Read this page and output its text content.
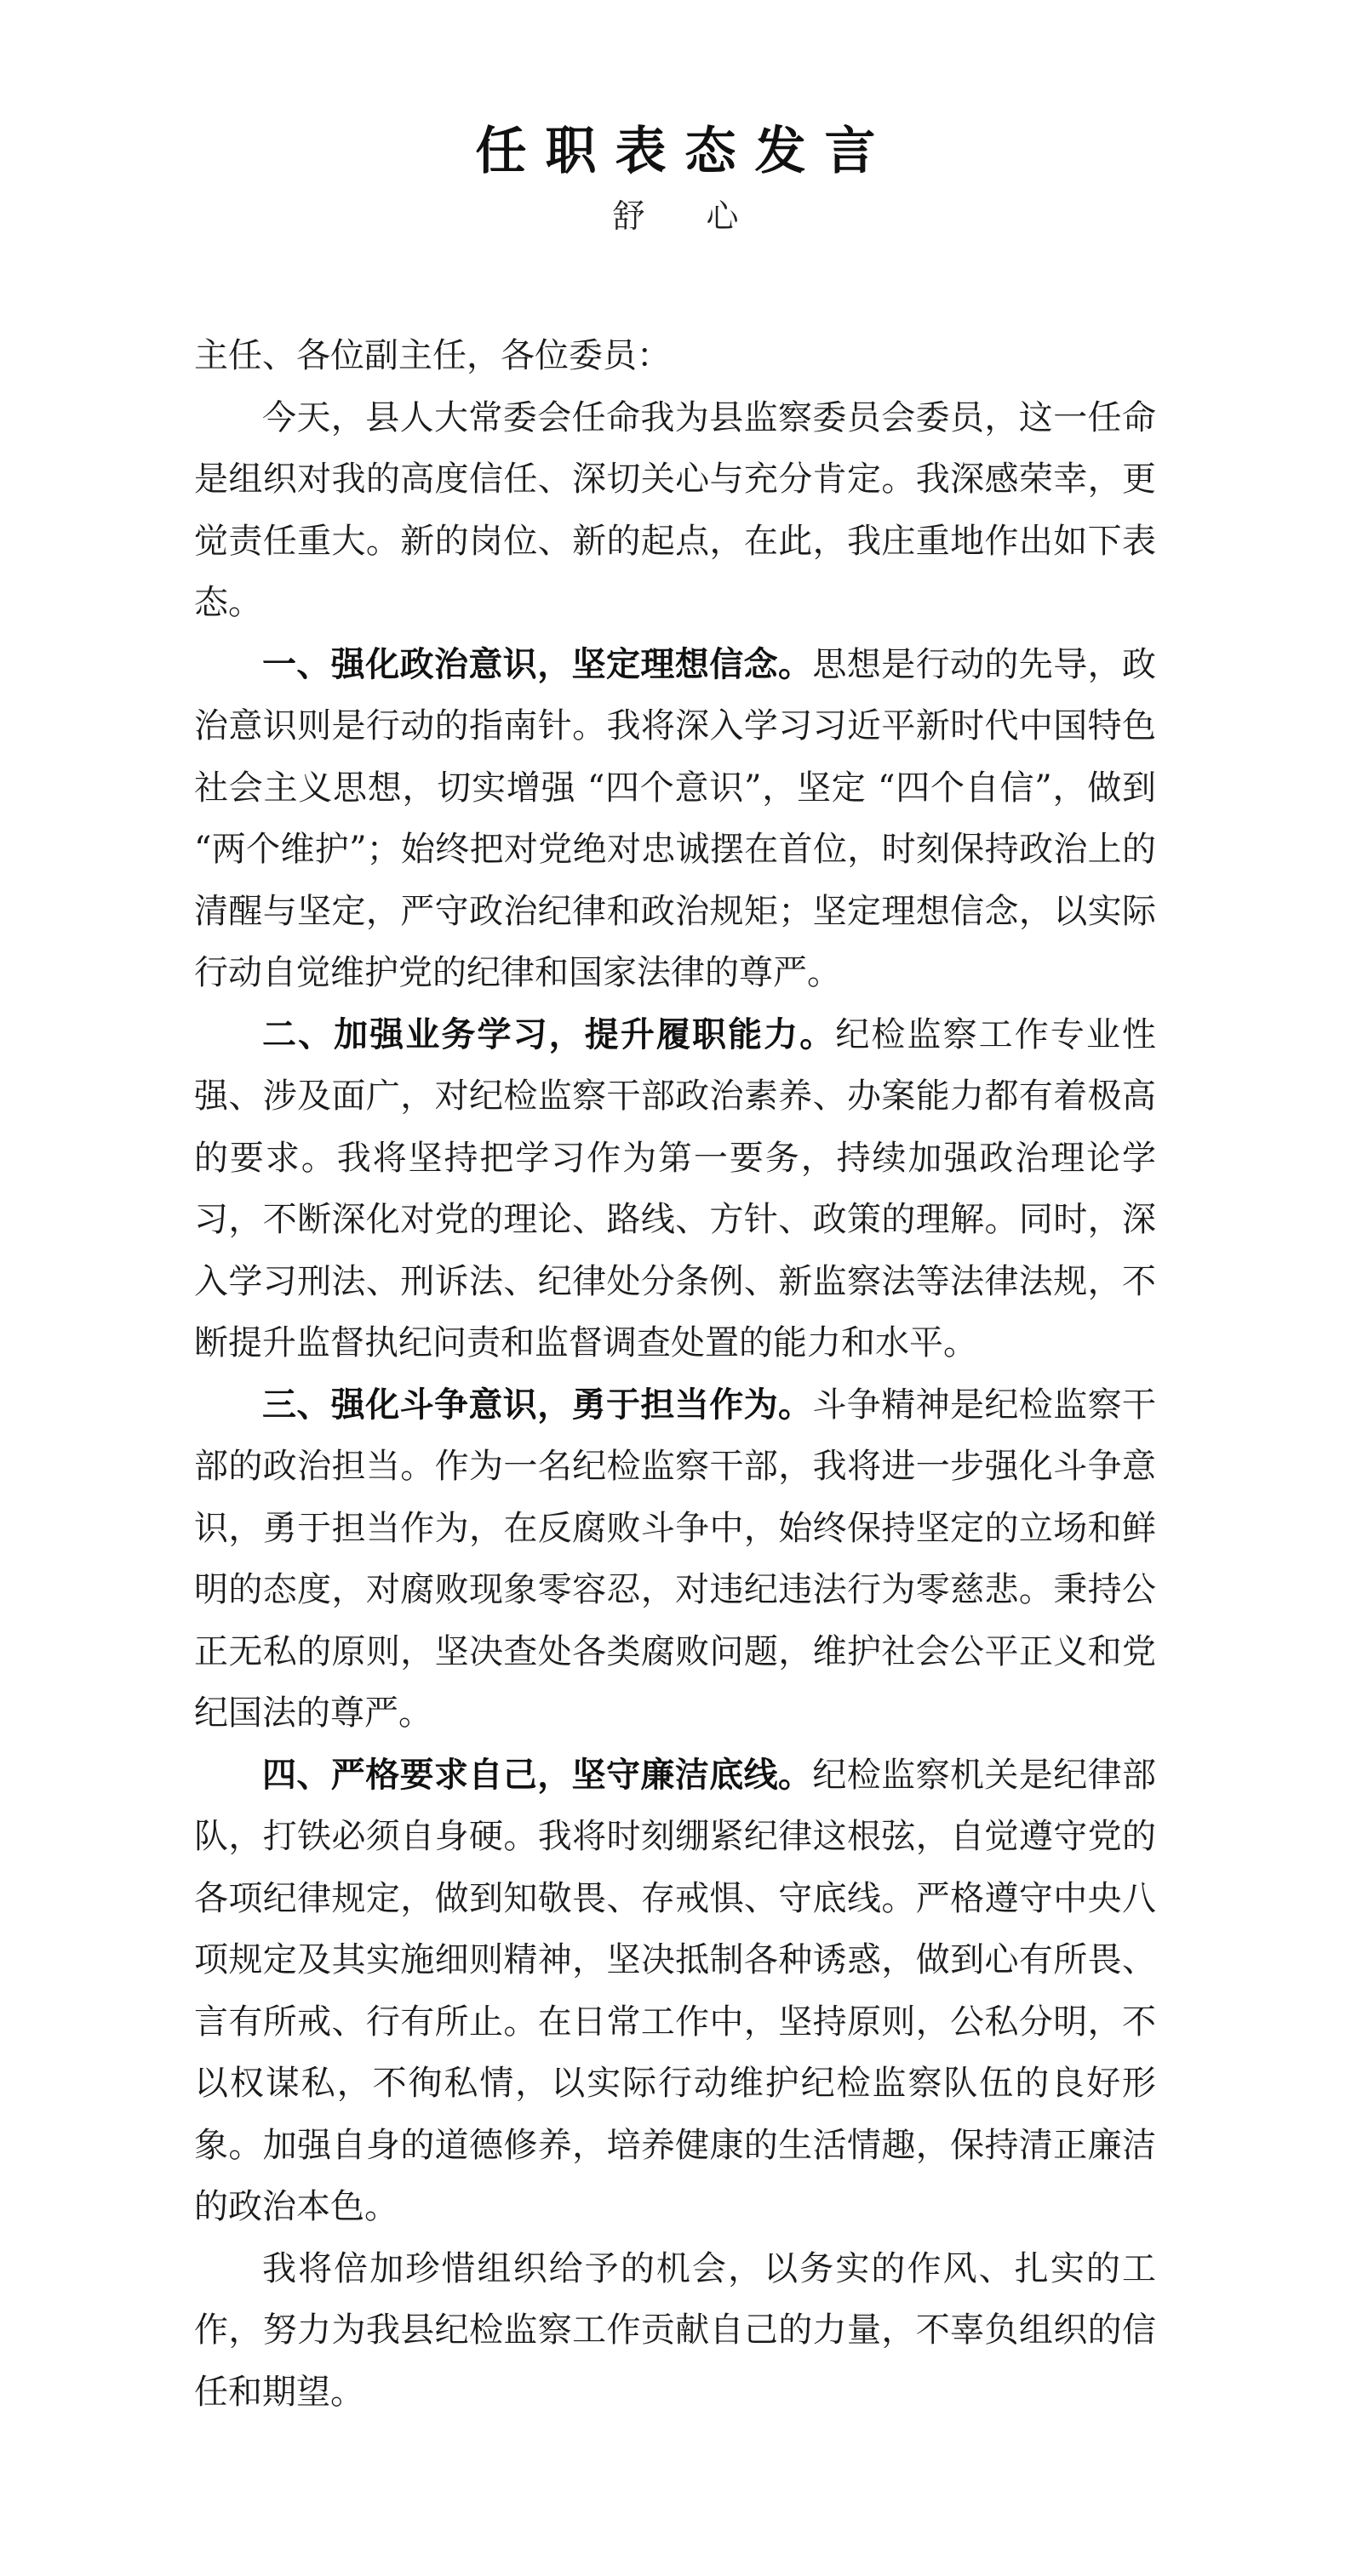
任职表态发言
舒 心

主任、各位副主任，各位委员：

今天，县人大常委会任命我为县监察委员会委员，这一任命是组织对我的高度信任、深切关心与充分肯定。我深感荣幸，更觉责任重大。新的岗位、新的起点，在此，我庄重地作出如下表态。

一、强化政治意识，坚定理想信念。思想是行动的先导，政治意识则是行动的指南针。我将深入学习习近平新时代中国特色社会主义思想，切实增强 “四个意识”，坚定 “四个自信”，做到 “两个维护”；始终把对党绝对忠诚摆在首位，时刻保持政治上的清醒与坚定，严守政治纪律和政治规矩；坚定理想信念，以实际行动自觉维护党的纪律和国家法律的尊严。

二、加强业务学习，提升履职能力。纪检监察工作专业性强、涉及面广，对纪检监察干部政治素养、办案能力都有着极高的要求。我将坚持把学习作为第一要务，持续加强政治理论学习，不断深化对党的理论、路线、方针、政策的理解。同时，深入学习刑法、刑诉法、纪律处分条例、新监察法等法律法规，不断提升监督执纪问责和监督调查处置的能力和水平。

三、强化斗争意识，勇于担当作为。斗争精神是纪检监察干部的政治担当。作为一名纪检监察干部，我将进一步强化斗争意识，勇于担当作为，在反腐败斗争中，始终保持坚定的立场和鲜明的态度，对腐败现象零容忍，对违纪违法行为零慈悲。秉持公正无私的原则，坚决查处各类腐败问题，维护社会公平正义和党纪国法的尊严。

四、严格要求自己，坚守廉洁底线。纪检监察机关是纪律部队，打铁必须自身硬。我将时刻绷紧纪律这根弦，自觉遵守党的各项纪律规定，做到知敬畏、存戒惧、守底线。严格遵守中央八项规定及其实施细则精神，坚决抵制各种诱惑，做到心有所畏、言有所戒、行有所止。在日常工作中，坚持原则，公私分明，不以权谋私，不徇私情，以实际行动维护纪检监察队伍的良好形象。加强自身的道德修养，培养健康的生活情趣，保持清正廉洁的政治本色。

我将倍加珍惜组织给予的机会，以务实的作风、扎实的工作，努力为我县纪检监察工作贡献自己的力量，不辜负组织的信任和期望。
